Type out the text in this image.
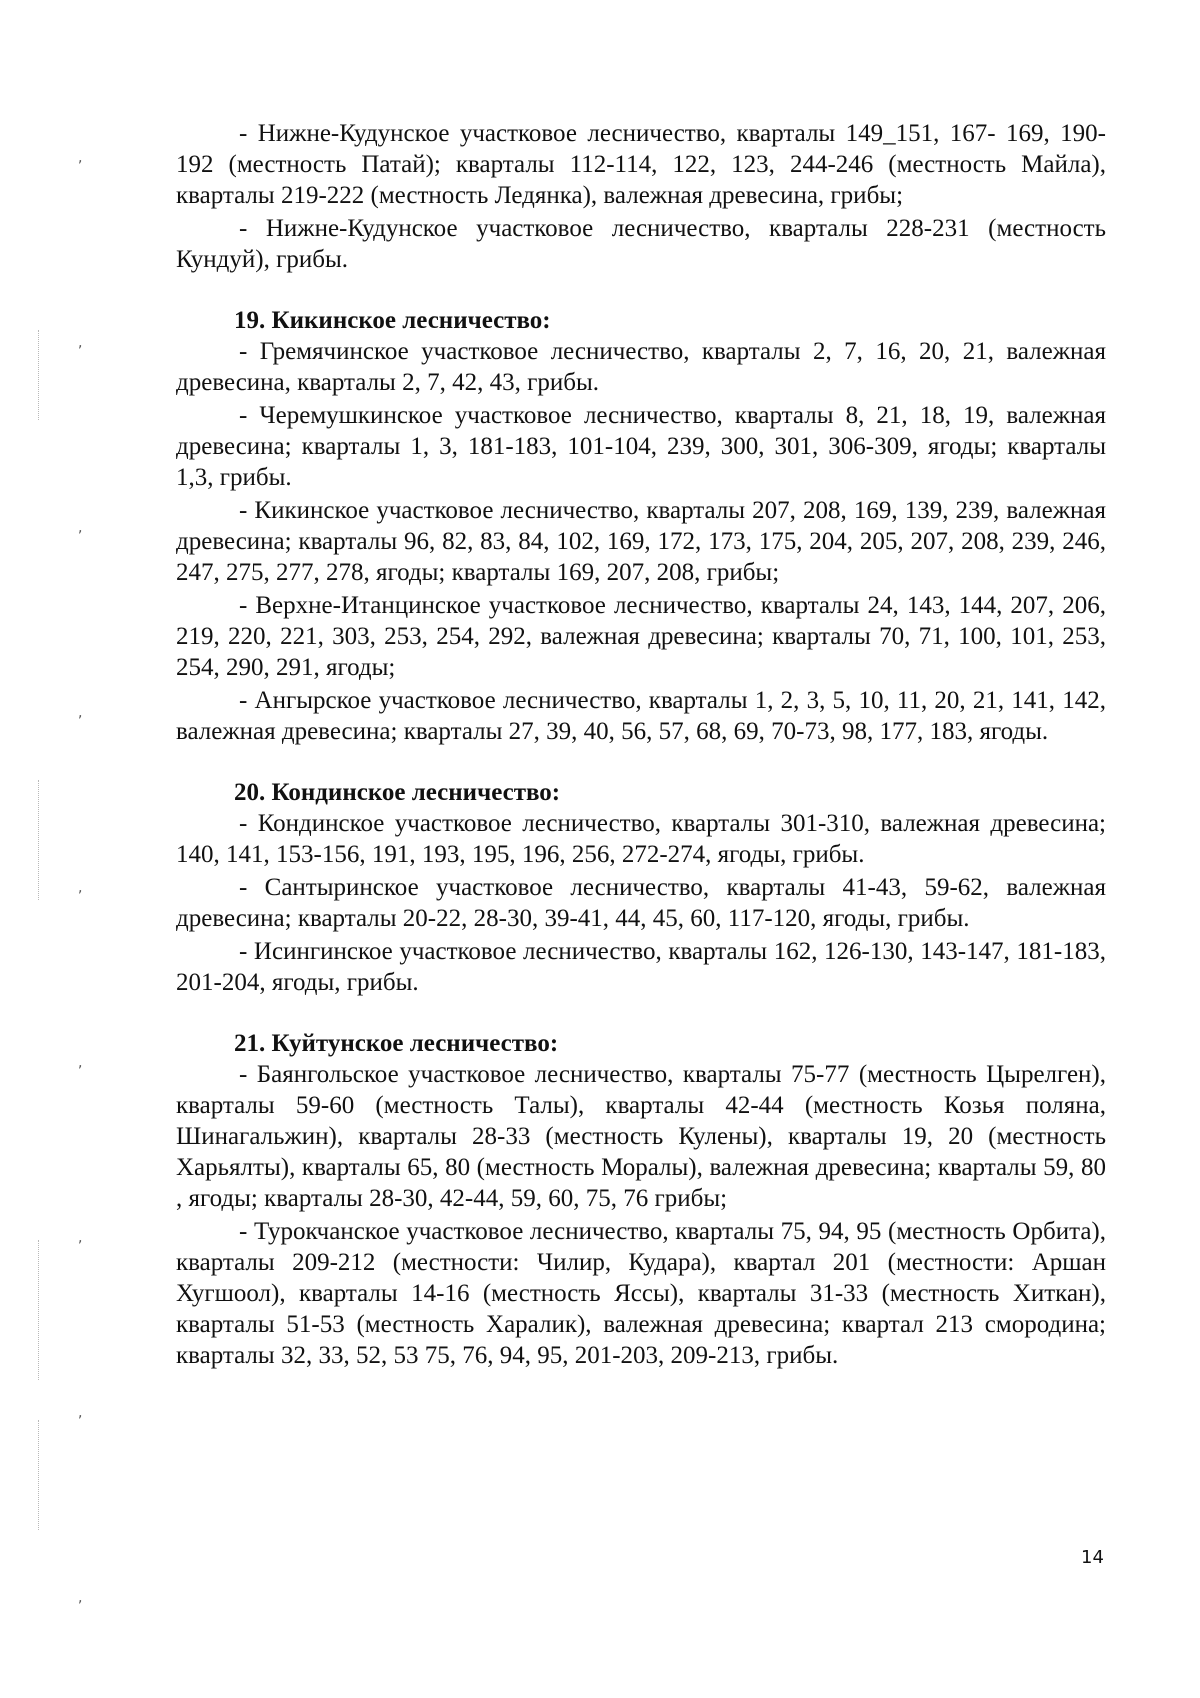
,
,
,
,
,
,
,
,
,

- Нижне-Кудунское участковое лесничество, кварталы 149_151, 167- 169, 190-192 (местность Патай); кварталы 112-114, 122, 123, 244-246 (местность Майла), кварталы 219-222 (местность Ледянка), валежная древесина, грибы;

- Нижне-Кудунское участковое лесничество, кварталы 228-231 (местность Кундуй), грибы.

19. Кикинское лесничество:

- Гремячинское участковое лесничество, кварталы 2, 7, 16, 20, 21, валежная древесина, кварталы 2, 7, 42, 43, грибы.

- Черемушкинское участковое лесничество, кварталы 8, 21, 18, 19, валежная древесина; кварталы 1, 3, 181-183, 101-104, 239, 300, 301, 306-309, ягоды; кварталы 1,3, грибы.

- Кикинское участковое лесничество, кварталы 207, 208, 169, 139, 239, валежная древесина; кварталы 96, 82, 83, 84, 102, 169, 172, 173, 175, 204, 205, 207, 208, 239, 246, 247, 275, 277, 278, ягоды; кварталы 169, 207, 208, грибы;

- Верхне-Итанцинское участковое лесничество, кварталы 24, 143, 144, 207, 206, 219, 220, 221, 303, 253, 254, 292, валежная древесина; кварталы 70, 71, 100, 101, 253, 254, 290, 291, ягоды;

- Ангырское участковое лесничество, кварталы 1, 2, 3, 5, 10, 11, 20, 21, 141, 142, валежная древесина; кварталы 27, 39, 40, 56, 57, 68, 69, 70-73, 98, 177, 183, ягоды.

20. Кондинское лесничество:

- Кондинское участковое лесничество, кварталы 301-310, валежная древесина; 140, 141, 153-156, 191, 193, 195, 196, 256, 272-274, ягоды, грибы.

- Сантыринское участковое лесничество, кварталы 41-43, 59-62, валежная древесина; кварталы 20-22, 28-30, 39-41, 44, 45, 60, 117-120, ягоды, грибы.

- Исингинское участковое лесничество, кварталы 162, 126-130, 143-147, 181-183, 201-204, ягоды, грибы.

21. Куйтунское лесничество:

- Баянгольское участковое лесничество, кварталы 75-77 (местность Цырелген), кварталы 59-60 (местность Талы), кварталы 42-44 (местность Козья поляна, Шинагальжин), кварталы 28-33 (местность Кулены), кварталы 19, 20 (местность Харьялты), кварталы 65, 80 (местность Моралы), валежная древесина; кварталы 59, 80 , ягоды; кварталы 28-30, 42-44, 59, 60, 75, 76 грибы;

- Турокчанское участковое лесничество, кварталы 75, 94, 95 (местность Орбита), кварталы 209-212 (местности: Чилир, Кудара), квартал 201 (местности: Аршан Хугшоол), кварталы 14-16 (местность Яссы), кварталы 31-33 (местность Хиткан), кварталы 51-53 (местность Харалик), валежная древесина; квартал 213 смородина; кварталы 32, 33, 52, 53 75, 76, 94, 95, 201-203, 209-213, грибы.

14
